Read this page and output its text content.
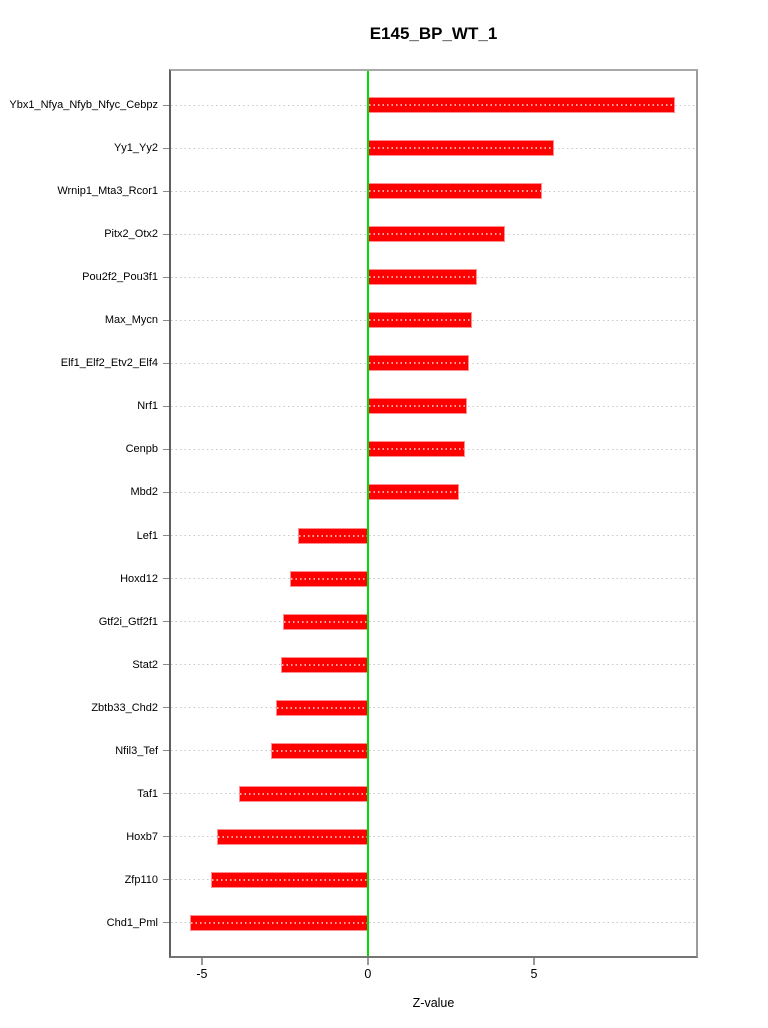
E145_BP_WT_1
Ybx1_Nfya_Nfyb_Nfyc_Cebpz
Yy1_Yy2
Wrnip1_Mta3_Rcor1
Pitx2_Otx2
Pou2f2_Pou3f1
Max_Mycn
Elf1_Elf2_Etv2_Elf4
Nrf1
Cenpb
Mbd2
Lef1
Hoxd12
Gtf2i_Gtf2f1
Stat2
Zbtb33_Chd2
Nfil3_Tef
Taf1
Hoxb7
Zfp110
Chd1_Pml
-5	0	5
Z-value
